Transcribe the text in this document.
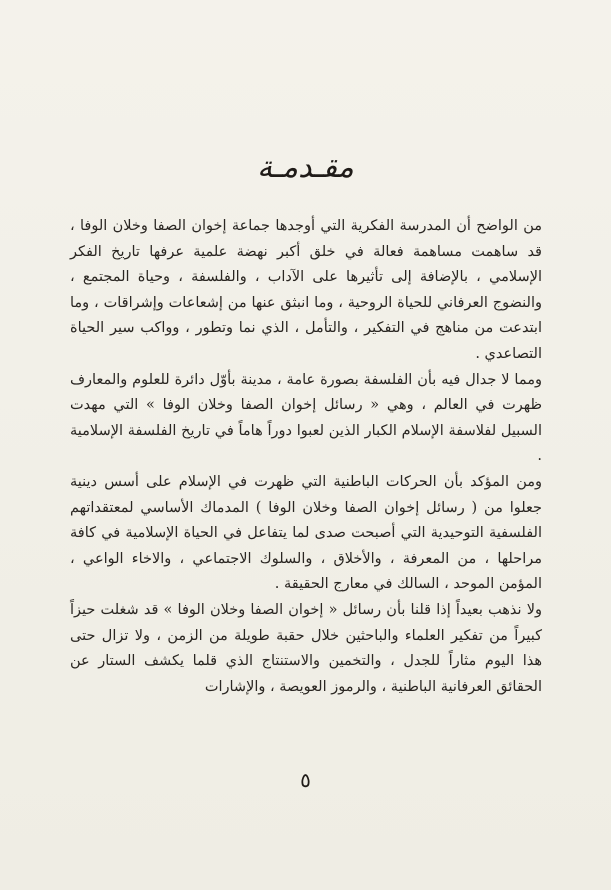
مقـدمـة

من الواضح أن المدرسة الفكرية التي أوجدها جماعة إخوان الصفا وخلان الوفا ، قد ساهمت مساهمة فعالة في خلق أكبر نهضة علمية عرفها تاريخ الفكر الإسلامي ، بالإضافة إلى تأثيرها على الآداب ، والفلسفة ، وحياة المجتمع ، والنضوج العرفاني للحياة الروحية ، وما انبثق عنها من إشعاعات وإشراقات ، وما ابتدعت من مناهج في التفكير ، والتأمل ، الذي نما وتطور ، وواكب سير الحياة التصاعدي .

ومما لا جدال فيه بأن الفلسفة بصورة عامة ، مدينة بأوّل دائرة للعلوم والمعارف ظهرت في العالم ، وهي « رسائل إخوان الصفا وخلان الوفا » التي مهدت السبيل لفلاسفة الإسلام الكبار الذين لعبوا دوراً هاماً في تاريخ الفلسفة الإسلامية .

ومن المؤكد بأن الحركات الباطنية التي ظهرت في الإسلام على أسس دينية جعلوا من ( رسائل إخوان الصفا وخلان الوفا ) المدماك الأساسي لمعتقداتهم الفلسفية التوحيدية التي أصبحت صدى لما يتفاعل في الحياة الإسلامية في كافة مراحلها ، من المعرفة ، والأخلاق ، والسلوك الاجتماعي ، والاخاء الواعي ، المؤمن الموحد ، السالك في معارج الحقيقة .

ولا نذهب بعيداً إذا قلنا بأن رسائل « إخوان الصفا وخلان الوفا » قد شغلت حيزاً كبيراً من تفكير العلماء والباحثين خلال حقبة طويلة من الزمن ، ولا تزال حتى هذا اليوم مثاراً للجدل ، والتخمين والاستنتاج الذي قلما يكشف الستار عن الحقائق العرفانية الباطنية ، والرموز العويصة ، والإشارات

٥
